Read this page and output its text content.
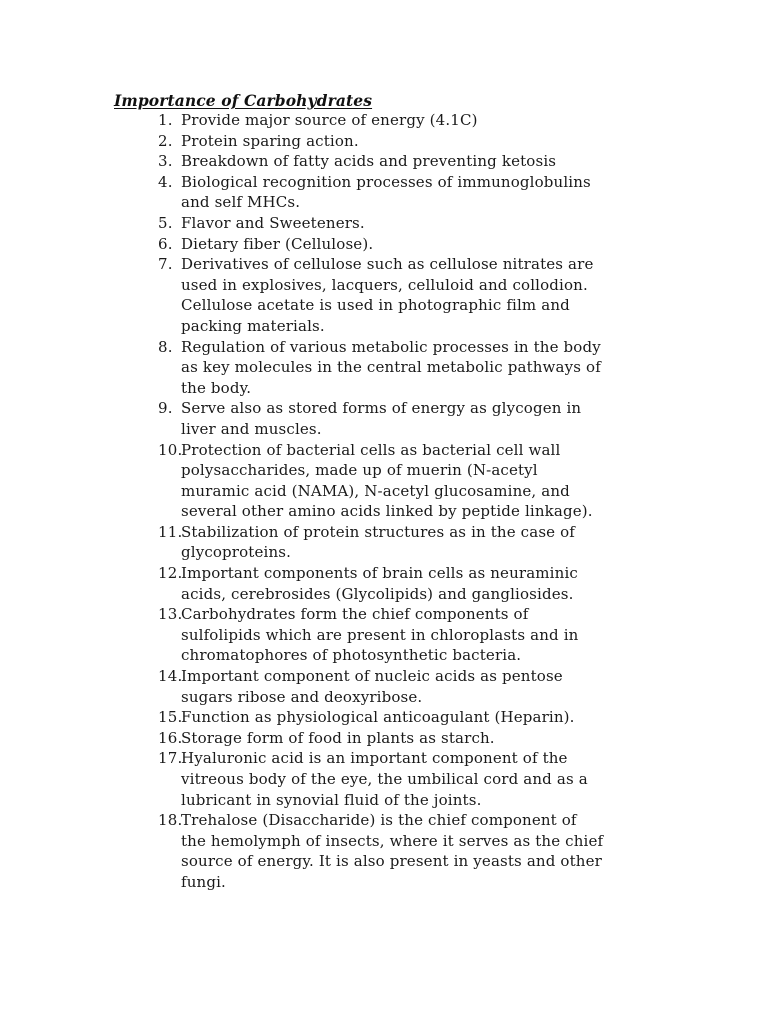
Importance of Carbohydrates
1. Provide major source of energy (4.1C)
2. Protein sparing action.
3. Breakdown of fatty acids and preventing ketosis
4. Biological recognition processes of immunoglobulins
and self MHCs.
5. Flavor and Sweeteners.
6. Dietary fiber (Cellulose).
7. Derivatives of cellulose such as cellulose nitrates are
used in explosives, lacquers, celluloid and collodion.
Cellulose acetate is used in photographic film and
packing materials.
8. Regulation of various metabolic processes in the body
as key molecules in the central metabolic pathways of
the body.
9. Serve also as stored forms of energy as glycogen in
liver and muscles.
10.
Protection of bacterial cells as bacterial cell wall
polysaccharides, made up of muerin (N-acetyl
muramic acid (NAMA), N-acetyl glucosamine, and
several other amino acids linked by peptide linkage).
11.
Stabilization of protein structures as in the case of
glycoproteins.
12.
Important components of brain cells as neuraminic
acids, cerebrosides (Glycolipids) and gangliosides.
13.
Carbohydrates form the chief components of
sulfolipids which are present in chloroplasts and in
chromatophores of photosynthetic bacteria.
14.
Important component of nucleic acids as pentose
sugars ribose and deoxyribose.
15.
Function as physiological anticoagulant (Heparin).
16.
Storage form of food in plants as starch.
17.
Hyaluronic acid is an important component of the
vitreous body of the eye, the umbilical cord and as a
lubricant in synovial fluid of the joints.
18.
Trehalose (Disaccharide) is the chief component of
the hemolymph of insects, where it serves as the chief
source of energy. It is also present in yeasts and other
fungi.
